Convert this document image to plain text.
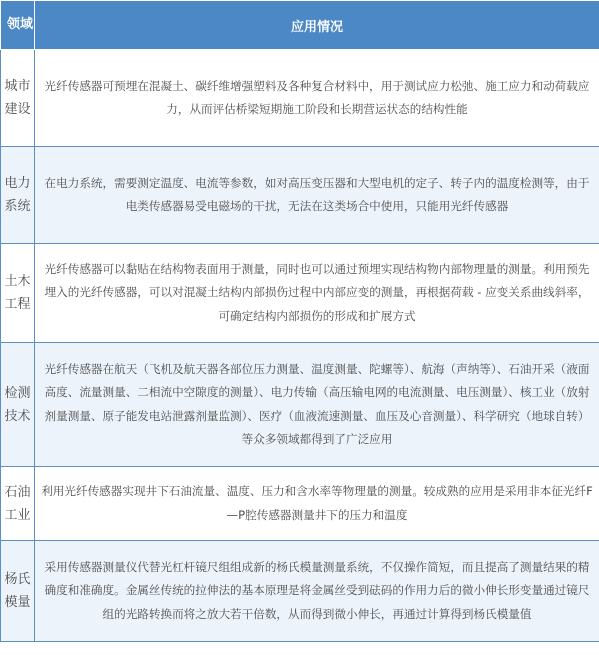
领域	应用情况
城市建设	光纤传感器可预埋在混凝土、碳纤维增强塑料及各种复合材料中，用于测试应力松弛、施工应力和动荷载应力，从而评估桥梁短期施工阶段和长期营运状态的结构性能
电力系统	在电力系统，需要测定温度、电流等参数，如对高压变压器和大型电机的定子、转子内的温度检测等，由于电类传感器易受电磁场的干扰，无法在这类场合中使用，只能用光纤传感器
土木工程	光纤传感器可以黏贴在结构物表面用于测量，同时也可以通过预埋实现结构物内部物理量的测量。利用预先埋入的光纤传感器，可以对混凝土结构内部损伤过程中内部应变的测量，再根据荷载 - 应变关系曲线斜率，可确定结构内部损伤的形成和扩展方式
检测技术	光纤传感器在航天（飞机及航天器各部位压力测量、温度测量、陀螺等）、航海（声纳等）、石油开采（液面高度、流量测量、二相流中空隙度的测量）、电力传输（高压输电网的电流测量、电压测量）、核工业（放射剂量测量、原子能发电站泄露剂量监测）、医疗（血液流速测量、血压及心音测量）、科学研究（地球自转）等众多领域都得到了广泛应用
石油工业	利用光纤传感器实现井下石油流量、温度、压力和含水率等物理量的测量。较成熟的应用是采用非本征光纤F—P腔传感器测量井下的压力和温度
杨氏模量	采用传感器测量仪代替光杠杆镜尺组组成新的杨氏模量测量系统，不仅操作简短，而且提高了测量结果的精确度和准确度。金属丝传统的拉伸法的基本原理是将金属丝受到砝码的作用力后的微小伸长形变量通过镜尺组的光路转换而将之放大若干倍数，从而得到微小伸长，再通过计算得到杨氏模量值
